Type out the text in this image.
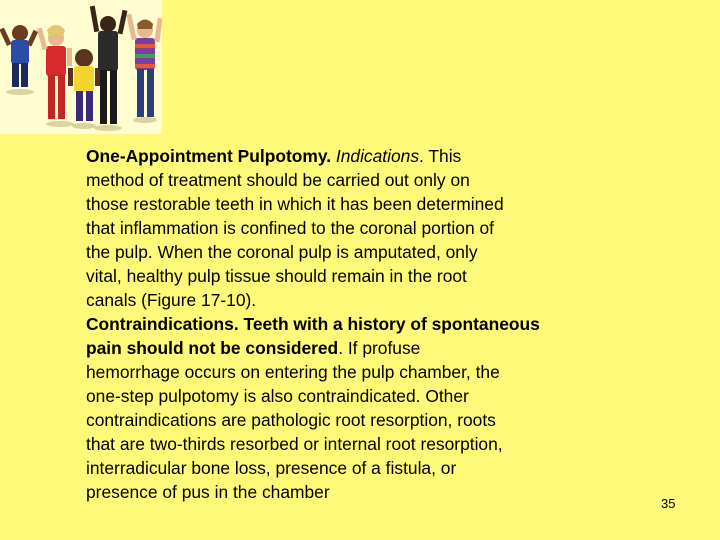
One-Appointment Pulpotomy. Indications. This
method of treatment should be carried out only on
those restorable teeth in which it has been determined
that inflammation is confined to the coronal portion of
the pulp. When the coronal pulp is amputated, only
vital, healthy pulp tissue should remain in the root
canals (Figure 17-10).
Contraindications. Teeth with a history of spontaneous
pain should not be considered. If profuse
hemorrhage occurs on entering the pulp chamber, the
one-step pulpotomy is also contraindicated. Other
contraindications are pathologic root resorption, roots
that are two-thirds resorbed or internal root resorption,
interradicular bone loss, presence of a fistula, or
presence of pus in the chamber
35
